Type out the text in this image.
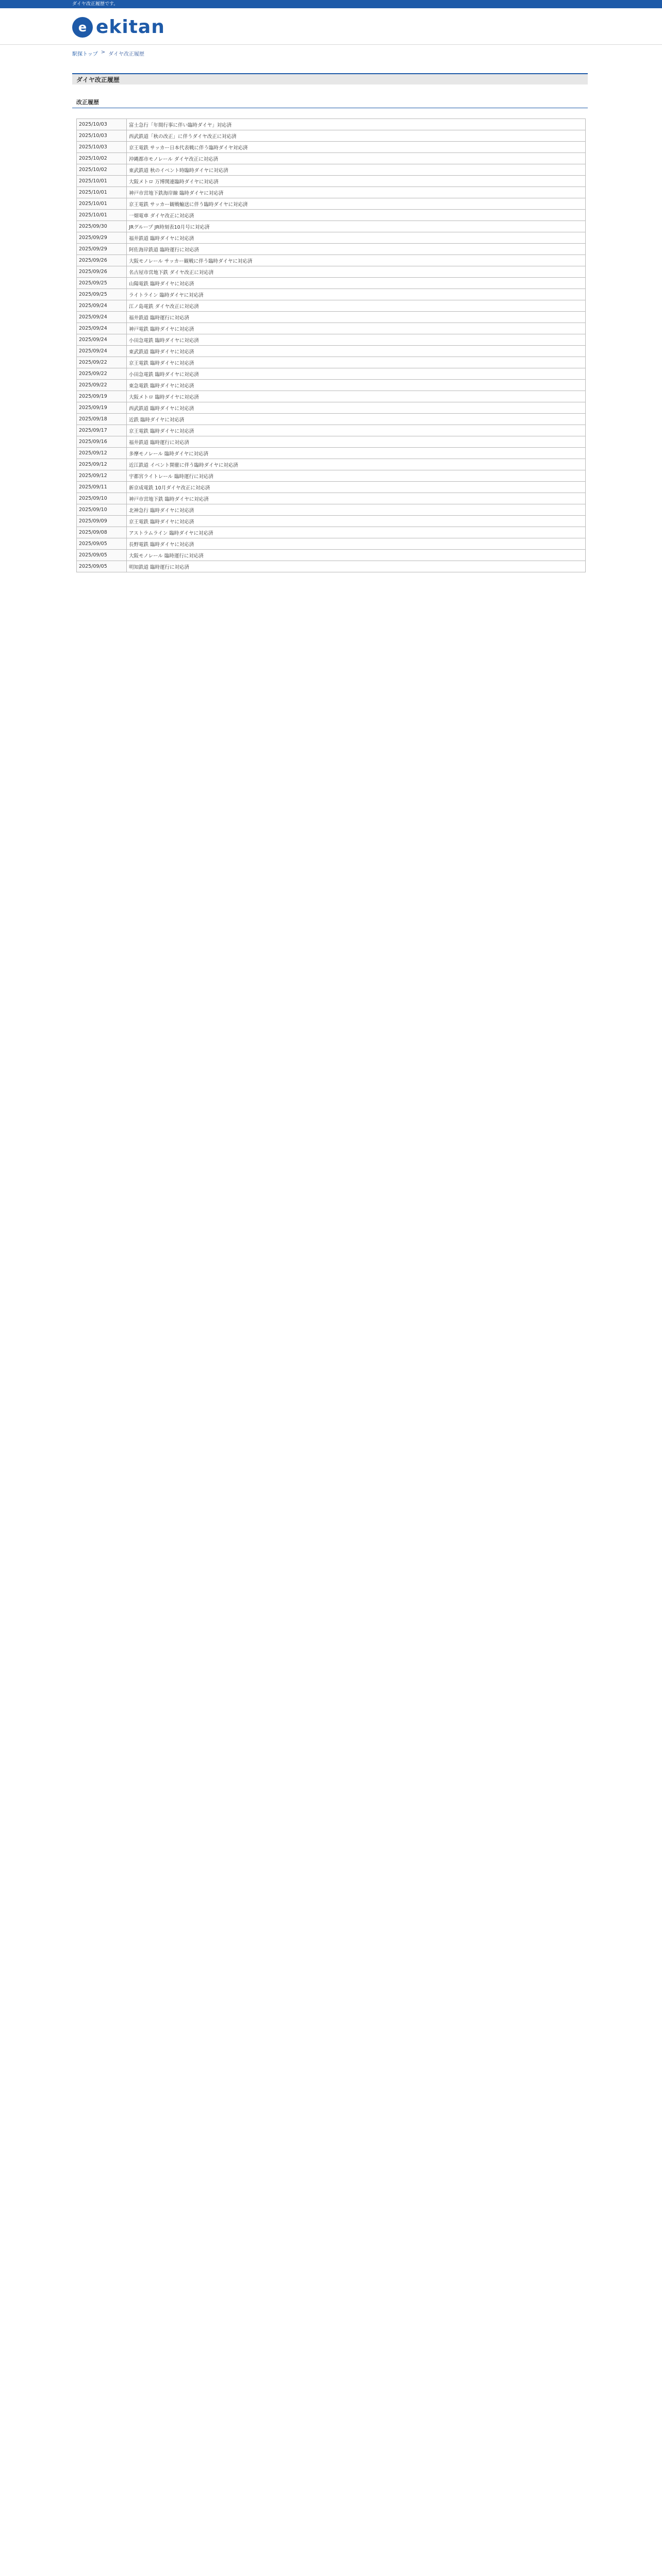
ダイヤ改正履歴です。
e ekitan
駅探トップ > ダイヤ改正履歴
ダイヤ改正履歴
改正履歴
2025/10/03	富士急行「年間行事に伴い臨時ダイヤ」対応済
2025/10/03	西武鉄道「秋の改正」に伴うダイヤ改正に対応済
2025/10/03	京王電鉄 サッカー日本代表戦に伴う臨時ダイヤ対応済
2025/10/02	沖縄都市モノレール ダイヤ改正に対応済
2025/10/02	東武鉄道 秋のイベント時臨時ダイヤに対応済
2025/10/01	大阪メトロ 万博関連臨時ダイヤに対応済
2025/10/01	神戸市営地下鉄海岸線 臨時ダイヤに対応済
2025/10/01	京王電鉄 サッカー観戦輸送に伴う臨時ダイヤに対応済
2025/10/01	一畑電車 ダイヤ改正に対応済
2025/09/30	JRグループ JR時刻表10月号に対応済
2025/09/29	福井鉄道 臨時ダイヤに対応済
2025/09/29	阿佐海岸鉄道 臨時運行に対応済
2025/09/26	大阪モノレール サッカー観戦に伴う臨時ダイヤに対応済
2025/09/26	名古屋市営地下鉄 ダイヤ改正に対応済
2025/09/25	山陽電鉄 臨時ダイヤに対応済
2025/09/25	ライトライン 臨時ダイヤに対応済
2025/09/24	江ノ島電鉄 ダイヤ改正に対応済
2025/09/24	福井鉄道 臨時運行に対応済
2025/09/24	神戸電鉄 臨時ダイヤに対応済
2025/09/24	小田急電鉄 臨時ダイヤに対応済
2025/09/24	東武鉄道 臨時ダイヤに対応済
2025/09/22	京王電鉄 臨時ダイヤに対応済
2025/09/22	小田急電鉄 臨時ダイヤに対応済
2025/09/22	東急電鉄 臨時ダイヤに対応済
2025/09/19	大阪メトロ 臨時ダイヤに対応済
2025/09/19	西武鉄道 臨時ダイヤに対応済
2025/09/18	近鉄 臨時ダイヤに対応済
2025/09/17	京王電鉄 臨時ダイヤに対応済
2025/09/16	福井鉄道 臨時運行に対応済
2025/09/12	多摩モノレール 臨時ダイヤに対応済
2025/09/12	近江鉄道 イベント開催に伴う臨時ダイヤに対応済
2025/09/12	宇都宮ライトレール 臨時運行に対応済
2025/09/11	新京成電鉄 10月ダイヤ改正に対応済
2025/09/10	神戸市営地下鉄 臨時ダイヤに対応済
2025/09/10	北神急行 臨時ダイヤに対応済
2025/09/09	京王電鉄 臨時ダイヤに対応済
2025/09/08	アストラムライン 臨時ダイヤに対応済
2025/09/05	長野電鉄 臨時ダイヤに対応済
2025/09/05	大阪モノレール 臨時運行に対応済
2025/09/05	明知鉄道 臨時運行に対応済
